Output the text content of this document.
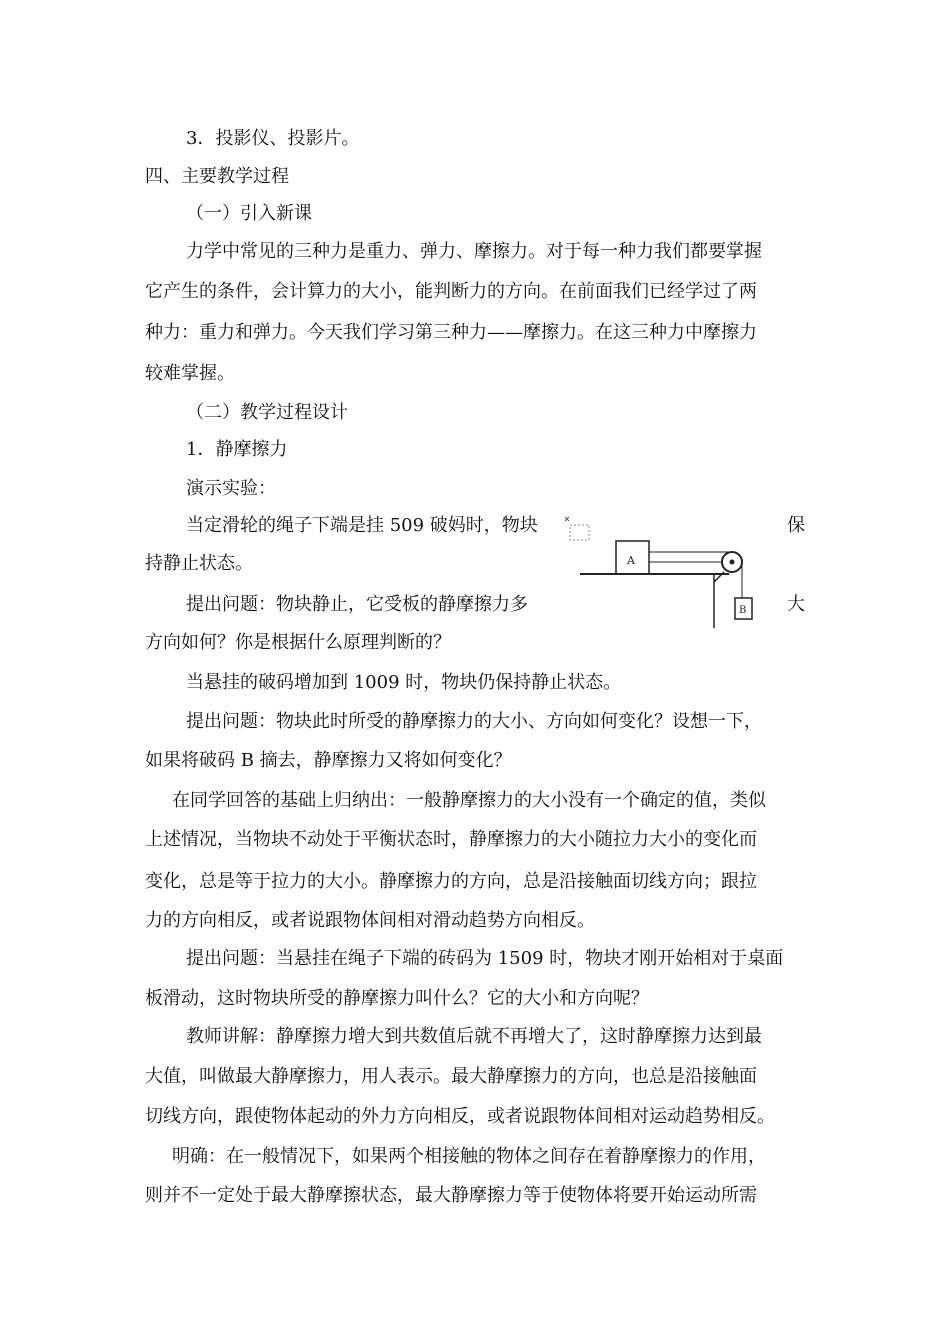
3．投影仪、投影片。
四、主要教学过程
（一）引入新课
力学中常见的三种力是重力、弹力、摩擦力。对于每一种力我们都要掌握
它产生的条件，会计算力的大小，能判断力的方向。在前面我们已经学过了两
种力：重力和弹力。今天我们学习第三种力——摩擦力。在这三种力中摩擦力
较难掌握。
（二）教学过程设计
1．静摩擦力
演示实验：
当定滑轮的绳子下端是挂 509 破妈时，物块	保
持静止状态。
提出问题：物块静止，它受板的静摩擦力多	大
方向如何？你是根据什么原理判断的？
当悬挂的破码增加到 1009 时，物块仍保持静止状态。
提出问题：物块此时所受的静摩擦力的大小、方向如何变化？设想一下，
如果将破码 B 摘去，静摩擦力又将如何变化？
在同学回答的基础上归纳出：一般静摩擦力的大小没有一个确定的值，类似
上述情况，当物块不动处于平衡状态时，静摩擦力的大小随拉力大小的变化而
变化，总是等于拉力的大小。静摩擦力的方向，总是沿接触面切线方向；跟拉
力的方向相反，或者说跟物体间相对滑动趋势方向相反。
提出问题：当悬挂在绳子下端的砖码为 1509 时，物块才刚开始相对于桌面
板滑动，这时物块所受的静摩擦力叫什么？它的大小和方向呢？
教师讲解：静摩擦力增大到共数值后就不再增大了，这时静摩擦力达到最
大值，叫做最大静摩擦力，用人表示。最大静摩擦力的方向，也总是沿接触面
切线方向，跟使物体起动的外力方向相反，或者说跟物体间相对运动趋势相反。
明确：在一般情况下，如果两个相接触的物体之间存在着静摩擦力的作用，
则并不一定处于最大静摩擦状态，最大静摩擦力等于使物体将要开始运动所需
A
B
